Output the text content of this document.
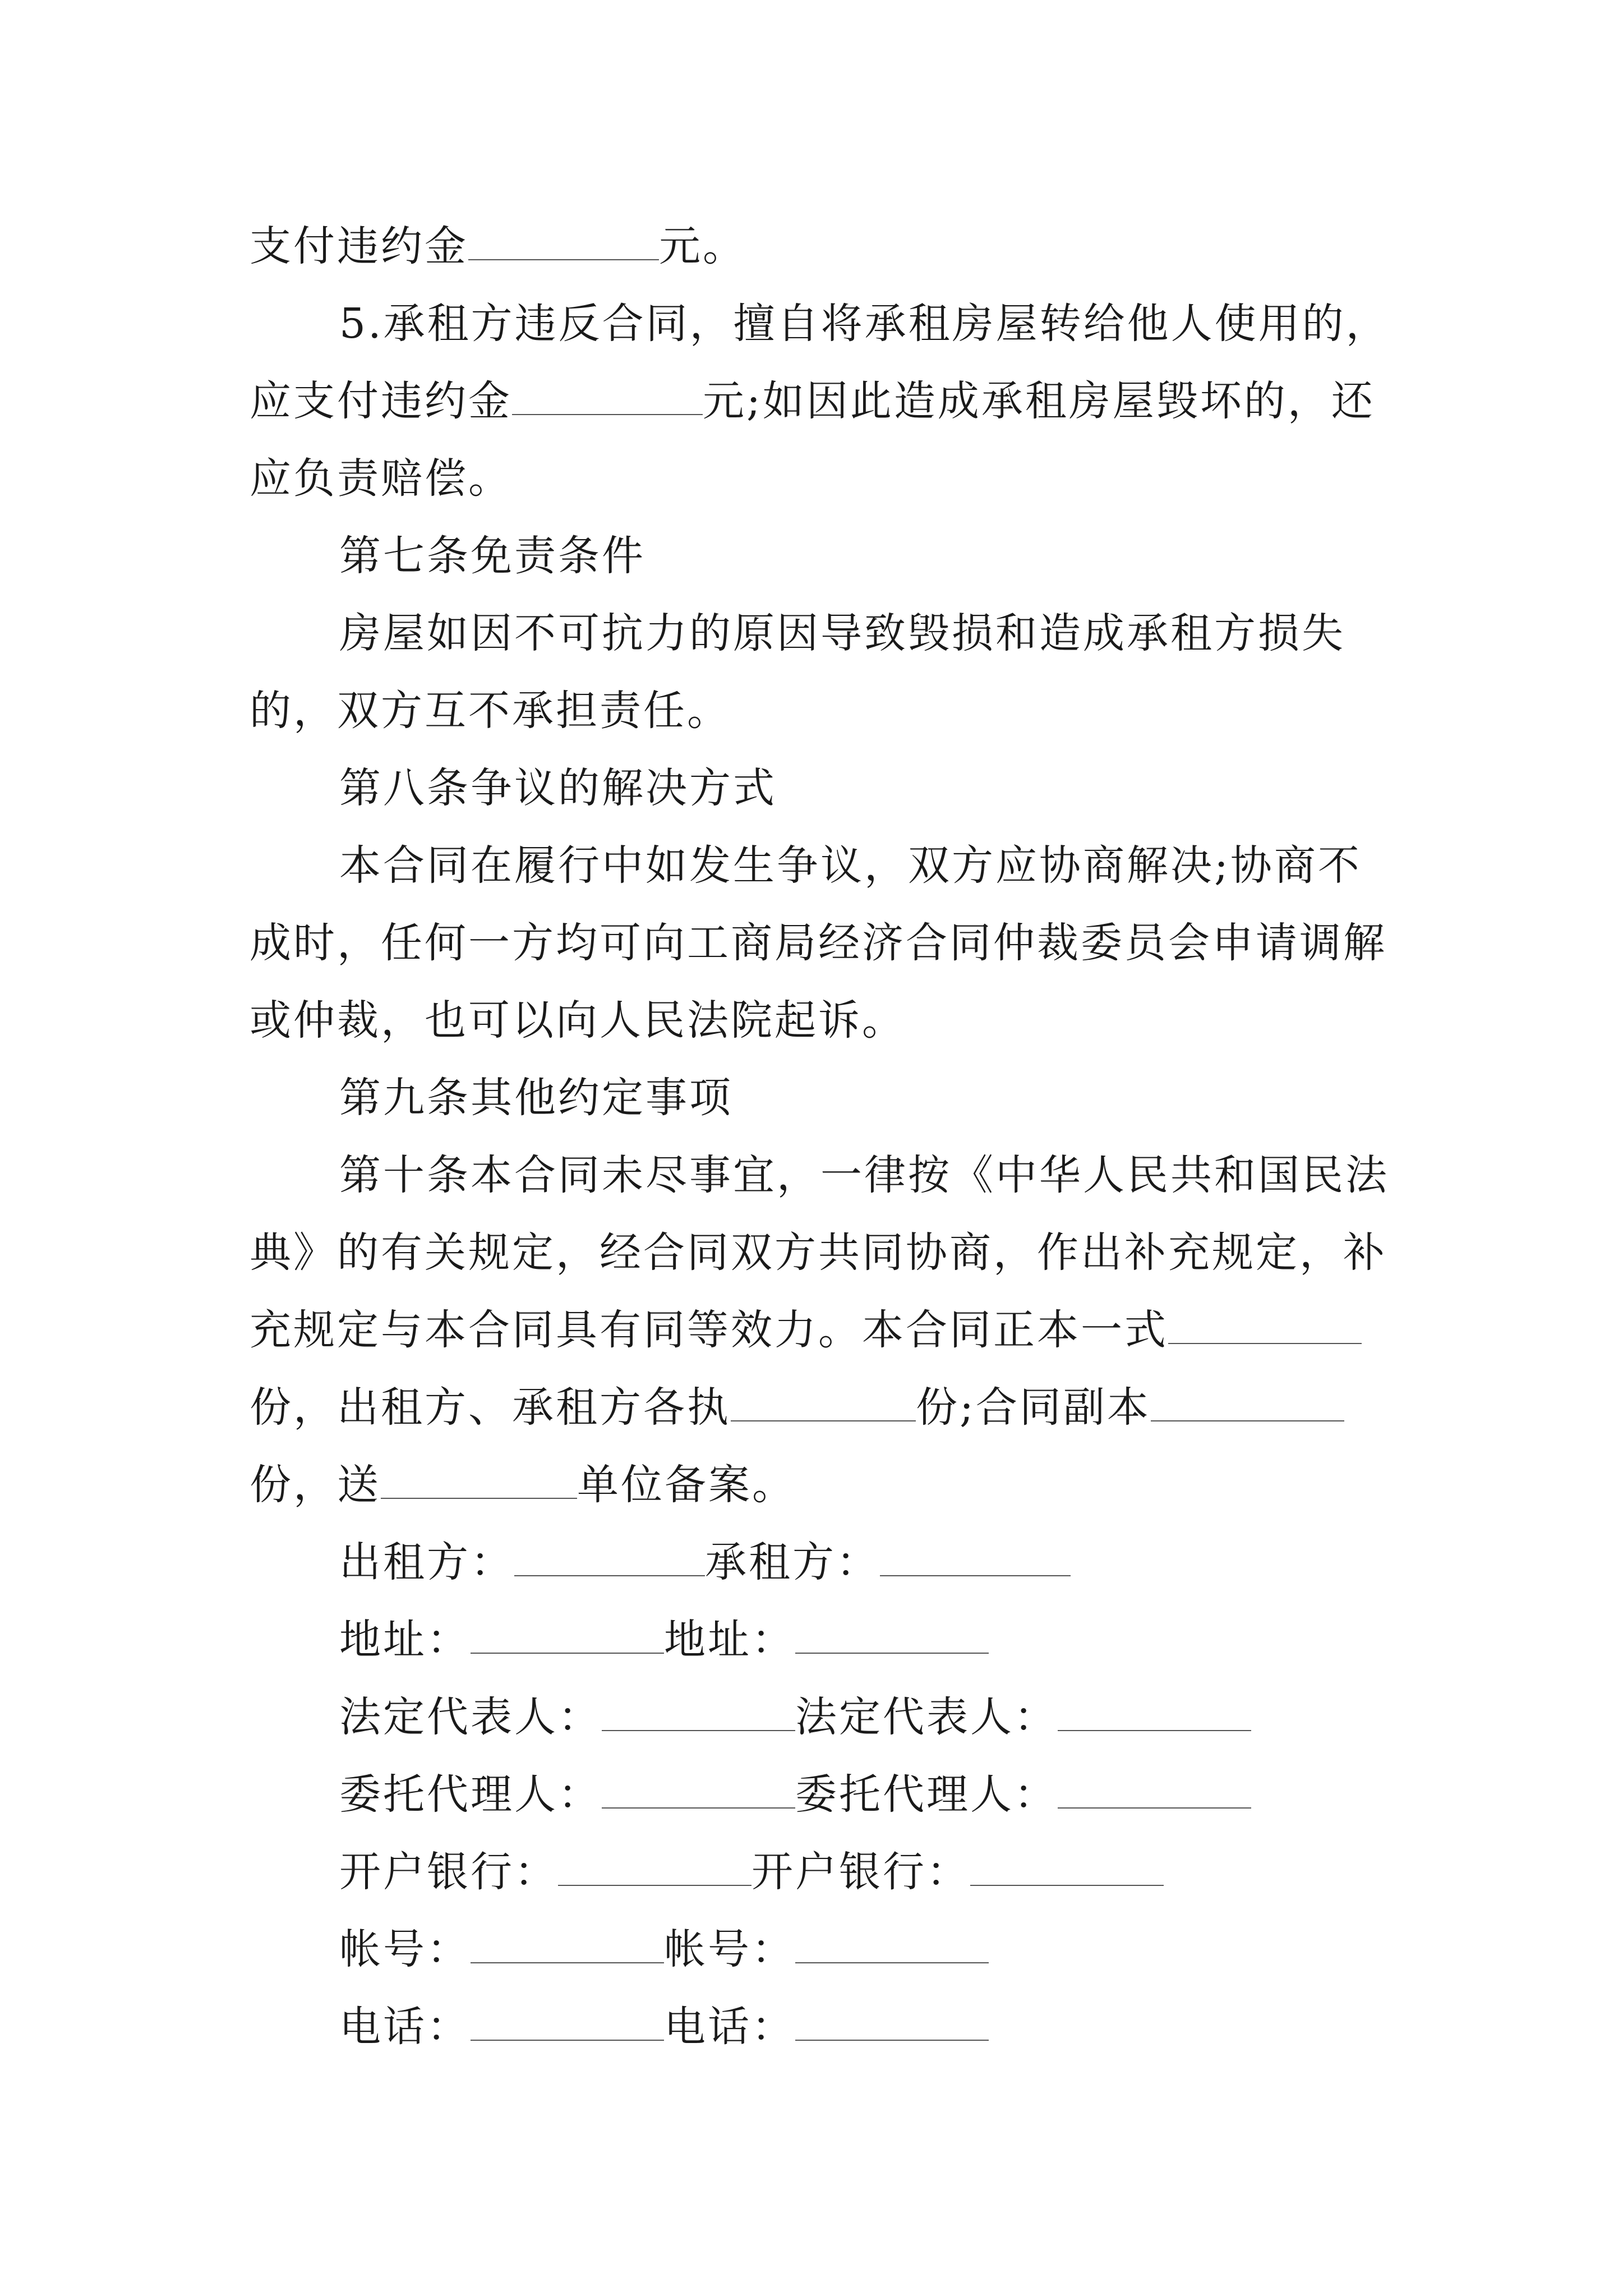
支付违约金	元。
5.承租方违反合同，擅自将承租房屋转给他人使用的，
应支付违约金	元;如因此造成承租房屋毁坏的，还
应负责赔偿。
第七条免责条件
房屋如因不可抗力的原因导致毁损和造成承租方损失
的，双方互不承担责任。
第八条争议的解决方式
本合同在履行中如发生争议，双方应协商解决;协商不
成时，任何一方均可向工商局经济合同仲裁委员会申请调解
或仲裁，也可以向人民法院起诉。
第九条其他约定事项
第十条本合同未尽事宜，一律按《中华人民共和国民法
典》的有关规定，经合同双方共同协商，作出补充规定，补
充规定与本合同具有同等效力。本合同正本一式
份，出租方、承租方各执	份;合同副本
份，送	单位备案。
出租方：	承租方：
地址：	地址：
法定代表人：	法定代表人：
委托代理人：	委托代理人：
开户银行：	开户银行：
帐号：	帐号：
电话：	电话：
